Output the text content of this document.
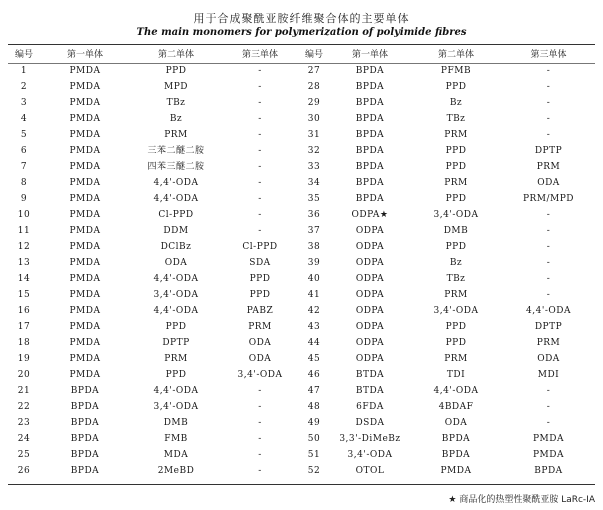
用于合成聚酰亚胺纤维聚合体的主要单体
The main monomers for polymerization of polyimide fibres
编号	第一单体	第二单体	第三单体	编号	第一单体	第二单体	第三单体
1	PMDA	PPD	-	27	BPDA	PFMB	-
2	PMDA	MPD	-	28	BPDA	PPD	-
3	PMDA	TBz	-	29	BPDA	Bz	-
4	PMDA	Bz	-	30	BPDA	TBz	-
5	PMDA	PRM	-	31	BPDA	PRM	-
6	PMDA	三苯二醚二胺	-	32	BPDA	PPD	DPTP
7	PMDA	四苯三醚二胺	-	33	BPDA	PPD	PRM
8	PMDA	4,4'-ODA	-	34	BPDA	PRM	ODA
9	PMDA	4,4'-ODA	-	35	BPDA	PPD	PRM/MPD
10	PMDA	Cl-PPD	-	36	ODPA★	3,4'-ODA	-
11	PMDA	DDM	-	37	ODPA	DMB	-
12	PMDA	DClBz	Cl-PPD	38	ODPA	PPD	-
13	PMDA	ODA	SDA	39	ODPA	Bz	-
14	PMDA	4,4'-ODA	PPD	40	ODPA	TBz	-
15	PMDA	3,4'-ODA	PPD	41	ODPA	PRM	-
16	PMDA	4,4'-ODA	PABZ	42	ODPA	3,4'-ODA	4,4'-ODA
17	PMDA	PPD	PRM	43	ODPA	PPD	DPTP
18	PMDA	DPTP	ODA	44	ODPA	PPD	PRM
19	PMDA	PRM	ODA	45	ODPA	PRM	ODA
20	PMDA	PPD	3,4'-ODA	46	BTDA	TDI	MDI
21	BPDA	4,4'-ODA	-	47	BTDA	4,4'-ODA	-
22	BPDA	3,4'-ODA	-	48	6FDA	4BDAF	-
23	BPDA	DMB	-	49	DSDA	ODA	-
24	BPDA	FMB	-	50	3,3'-DiMeBz	BPDA	PMDA
25	BPDA	MDA	-	51	3,4'-ODA	BPDA	PMDA
26	BPDA	2MeBD	-	52	OTOL	PMDA	BPDA
★ 商品化的热塑性聚酰亚胺 LaRc-IA
